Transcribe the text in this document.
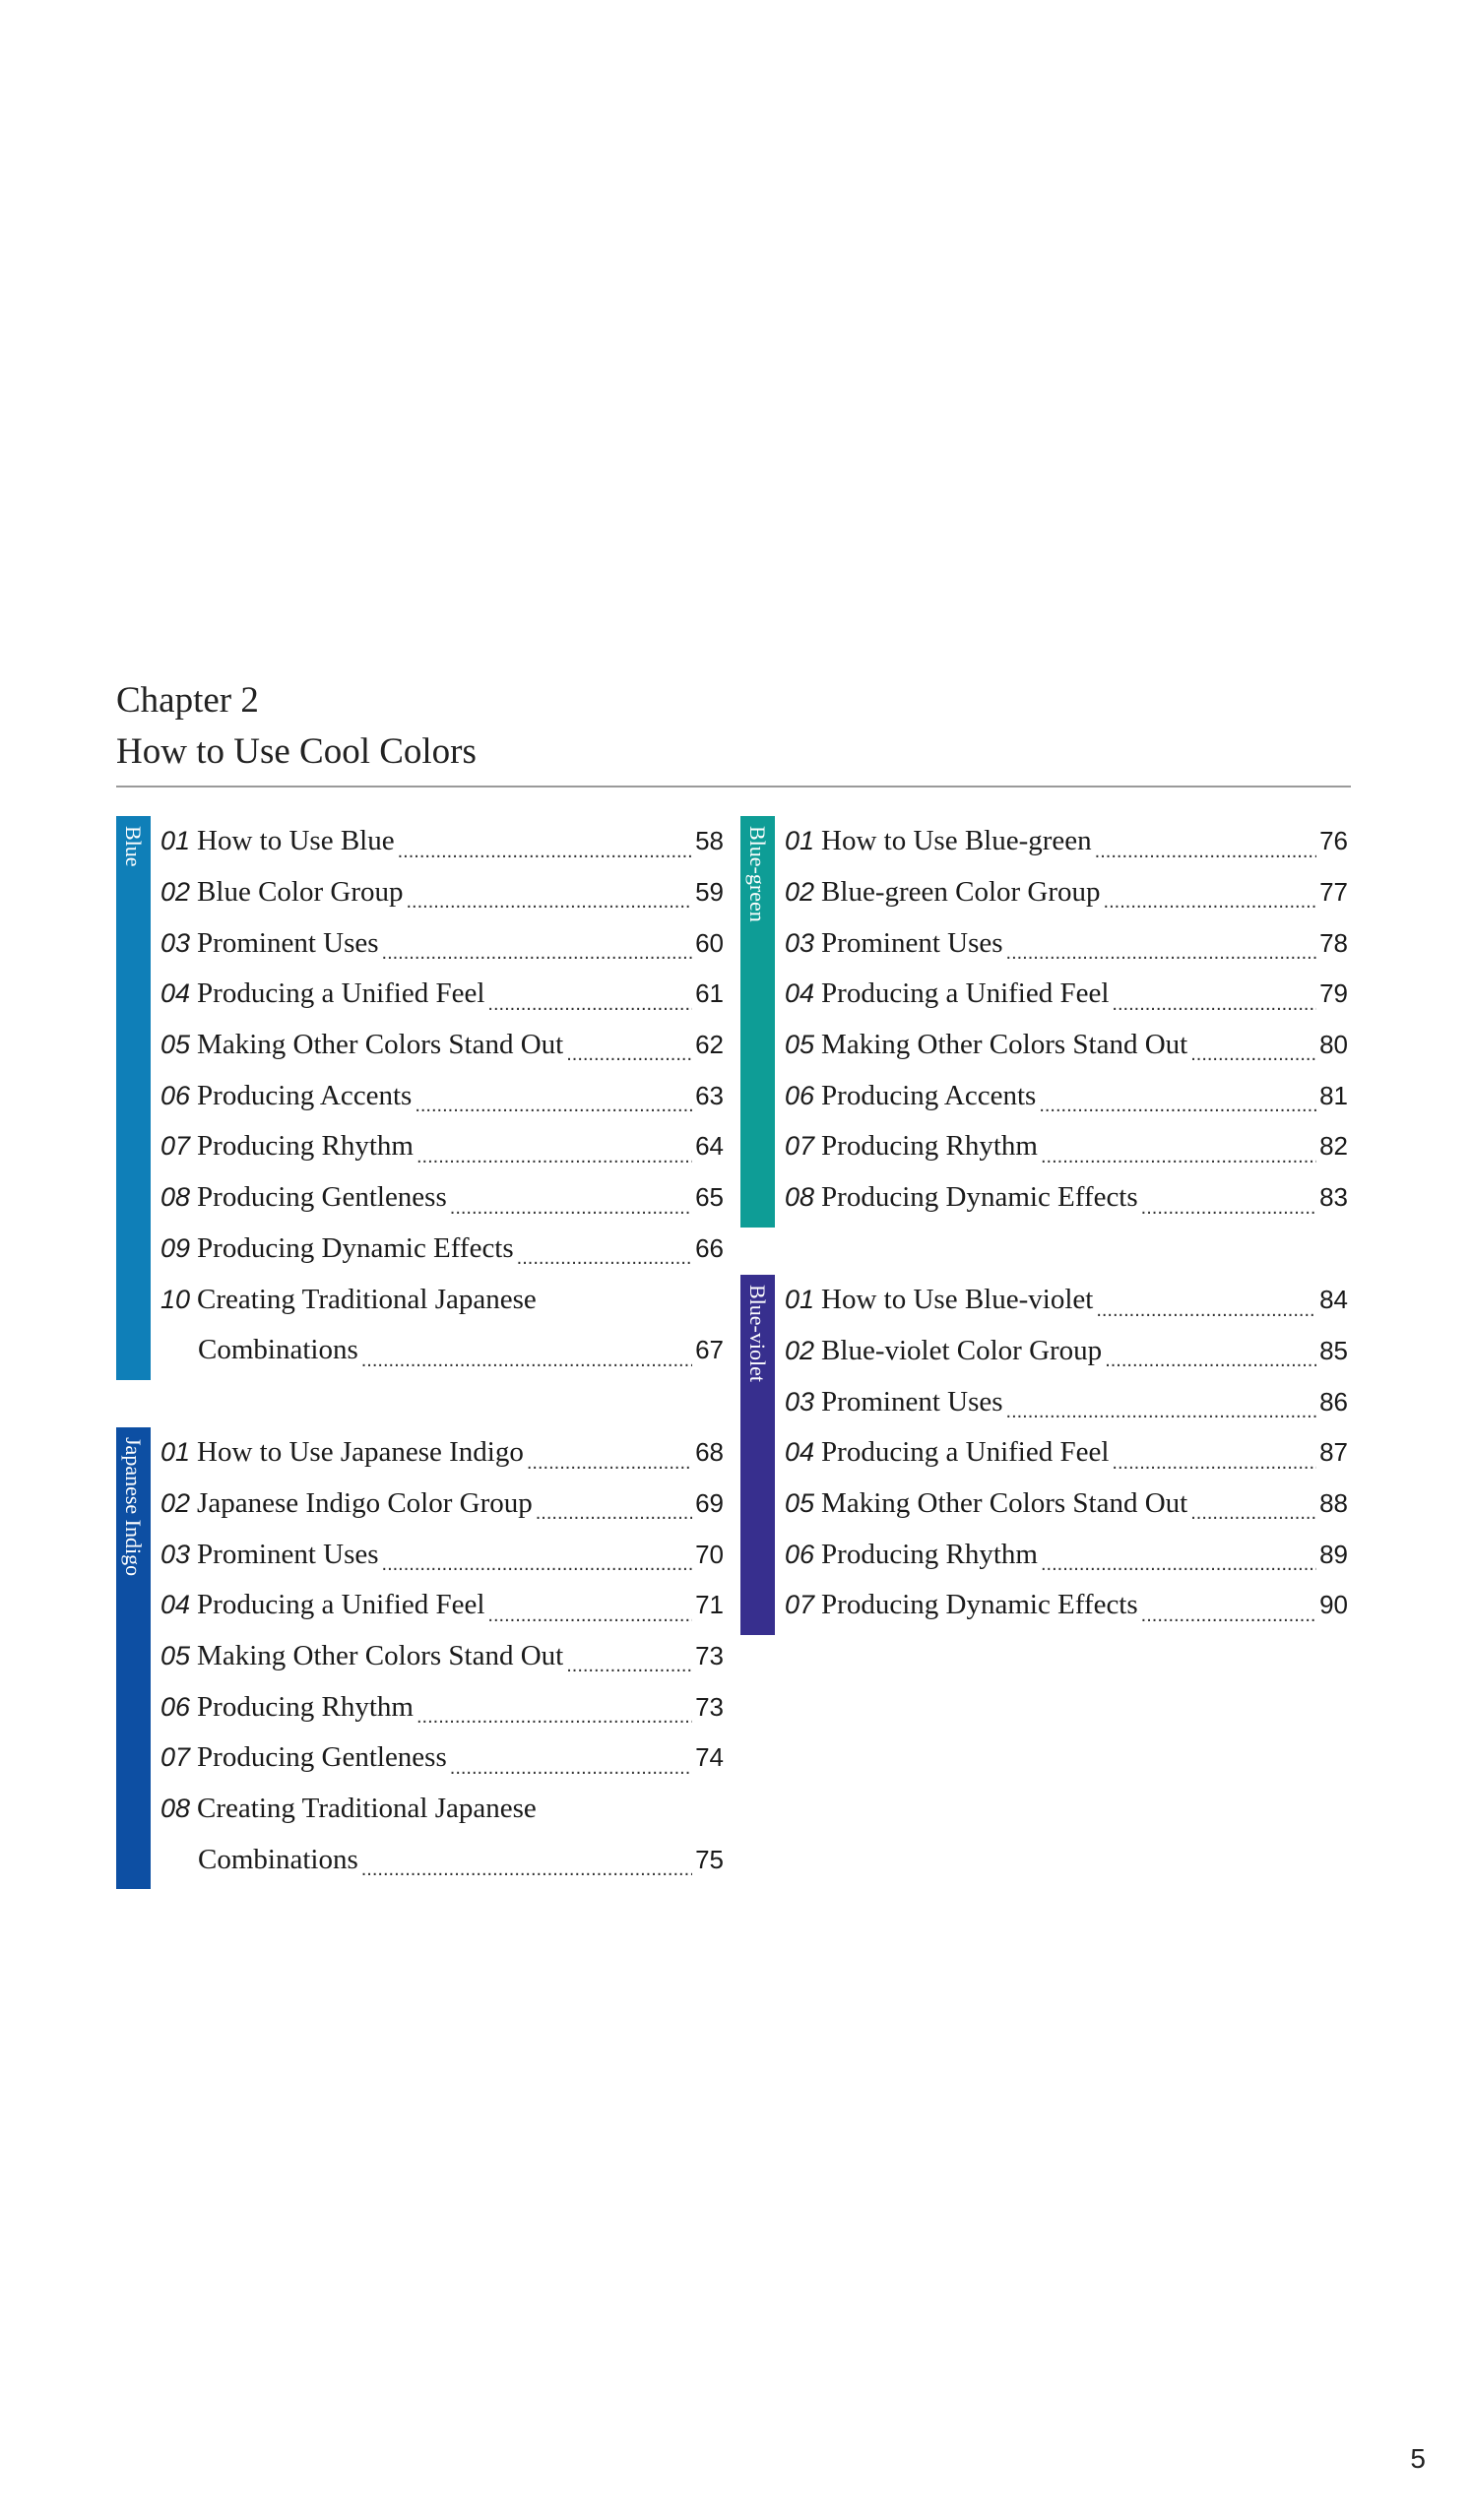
Chapter 2
How to Use Cool Colors
Blue 01 How to Use Blue .....	58
02 Blue Color Group .....	59
03 Prominent Uses .....	60
04 Producing a Unified Feel .....	61
05 Making Other Colors Stand Out .....	62
06 Producing Accents .....	63
07 Producing Rhythm .....	64
08 Producing Gentleness .....	65
09 Producing Dynamic Effects .....	66
10 Creating Traditional Japanese
Combinations .....	67
Japanese Indigo 01 How to Use Japanese Indigo .....	68
02 Japanese Indigo Color Group .....	69
03 Prominent Uses .....	70
04 Producing a Unified Feel .....	71
05 Making Other Colors Stand Out .....	73
06 Producing Rhythm .....	73
07 Producing Gentleness .....	74
08 Creating Traditional Japanese
Combinations .....	75
Blue-green 01 How to Use Blue-green .....	76
02 Blue-green Color Group .....	77
03 Prominent Uses .....	78
04 Producing a Unified Feel .....	79
05 Making Other Colors Stand Out .....	80
06 Producing Accents .....	81
07 Producing Rhythm .....	82
08 Producing Dynamic Effects .....	83
Blue-violet 01 How to Use Blue-violet .....	84
02 Blue-violet Color Group .....	85
03 Prominent Uses .....	86
04 Producing a Unified Feel .....	87
05 Making Other Colors Stand Out .....	88
06 Producing Rhythm .....	89
07 Producing Dynamic Effects .....	90
5
